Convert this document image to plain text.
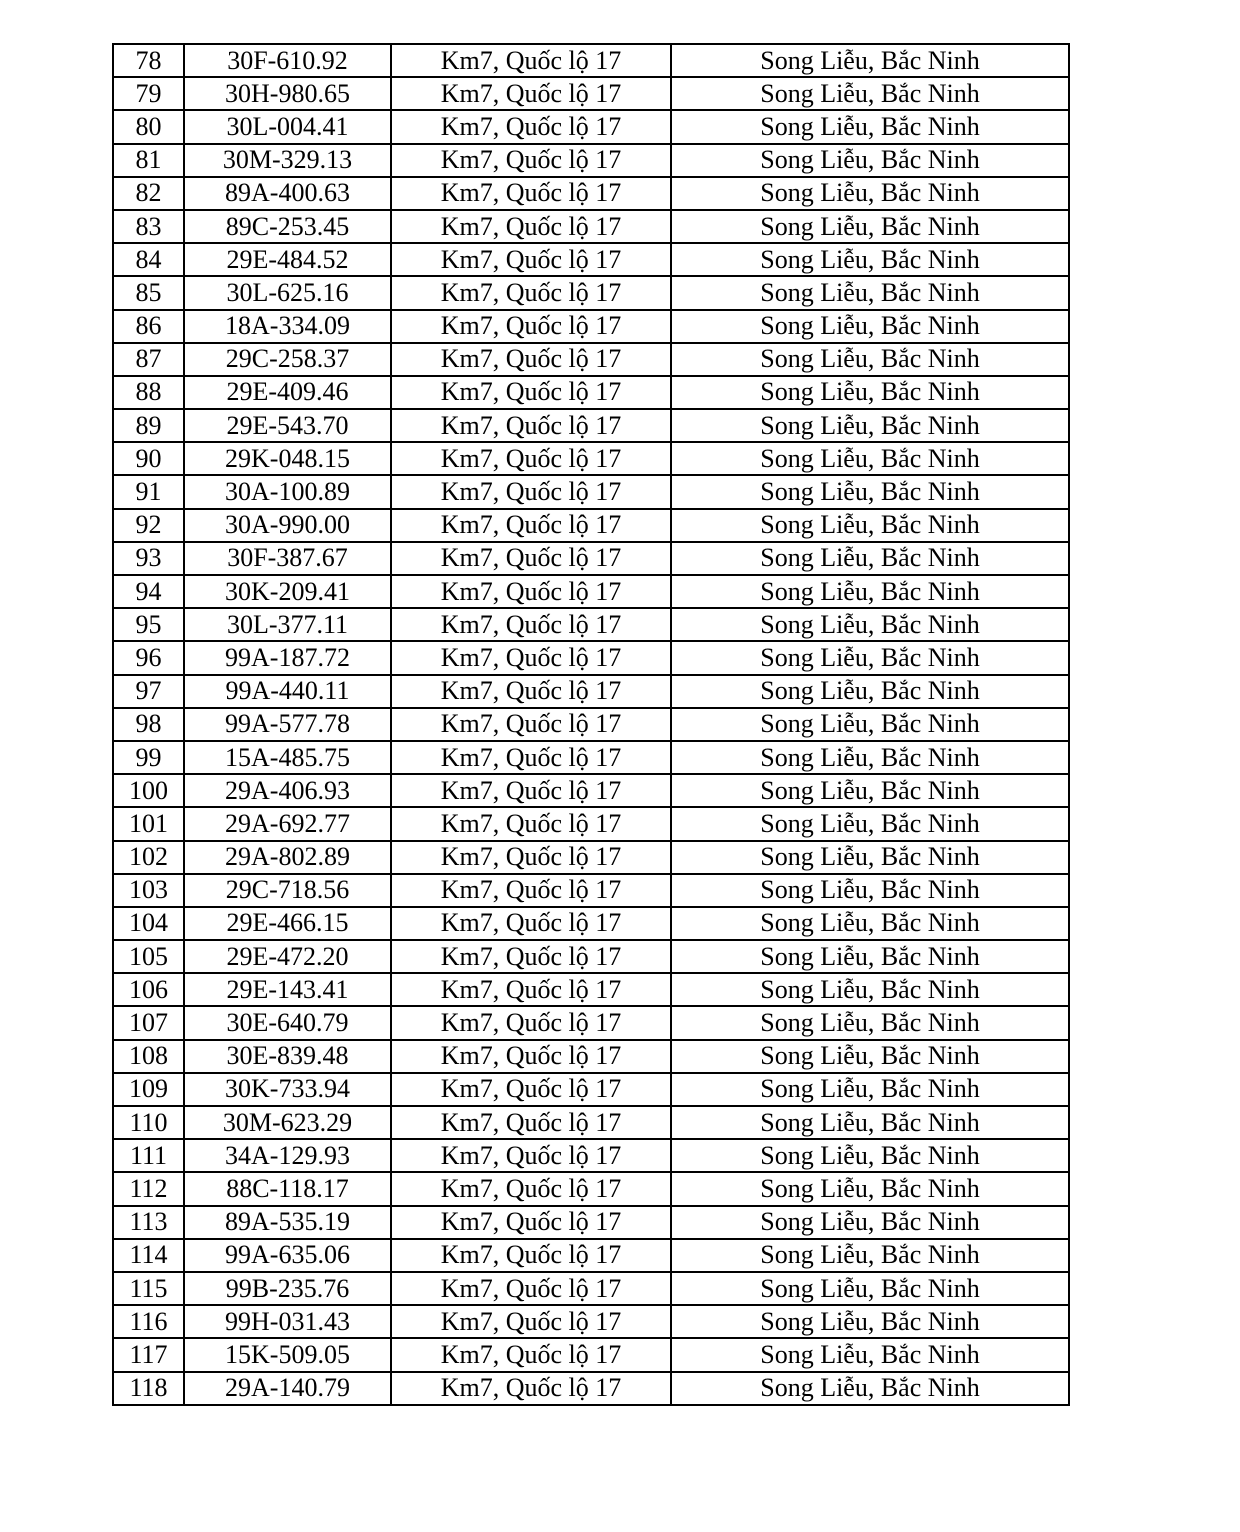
78	30F-610.92	Km7, Quốc lộ 17	Song Liễu, Bắc Ninh
79	30H-980.65	Km7, Quốc lộ 17	Song Liễu, Bắc Ninh
80	30L-004.41	Km7, Quốc lộ 17	Song Liễu, Bắc Ninh
81	30M-329.13	Km7, Quốc lộ 17	Song Liễu, Bắc Ninh
82	89A-400.63	Km7, Quốc lộ 17	Song Liễu, Bắc Ninh
83	89C-253.45	Km7, Quốc lộ 17	Song Liễu, Bắc Ninh
84	29E-484.52	Km7, Quốc lộ 17	Song Liễu, Bắc Ninh
85	30L-625.16	Km7, Quốc lộ 17	Song Liễu, Bắc Ninh
86	18A-334.09	Km7, Quốc lộ 17	Song Liễu, Bắc Ninh
87	29C-258.37	Km7, Quốc lộ 17	Song Liễu, Bắc Ninh
88	29E-409.46	Km7, Quốc lộ 17	Song Liễu, Bắc Ninh
89	29E-543.70	Km7, Quốc lộ 17	Song Liễu, Bắc Ninh
90	29K-048.15	Km7, Quốc lộ 17	Song Liễu, Bắc Ninh
91	30A-100.89	Km7, Quốc lộ 17	Song Liễu, Bắc Ninh
92	30A-990.00	Km7, Quốc lộ 17	Song Liễu, Bắc Ninh
93	30F-387.67	Km7, Quốc lộ 17	Song Liễu, Bắc Ninh
94	30K-209.41	Km7, Quốc lộ 17	Song Liễu, Bắc Ninh
95	30L-377.11	Km7, Quốc lộ 17	Song Liễu, Bắc Ninh
96	99A-187.72	Km7, Quốc lộ 17	Song Liễu, Bắc Ninh
97	99A-440.11	Km7, Quốc lộ 17	Song Liễu, Bắc Ninh
98	99A-577.78	Km7, Quốc lộ 17	Song Liễu, Bắc Ninh
99	15A-485.75	Km7, Quốc lộ 17	Song Liễu, Bắc Ninh
100	29A-406.93	Km7, Quốc lộ 17	Song Liễu, Bắc Ninh
101	29A-692.77	Km7, Quốc lộ 17	Song Liễu, Bắc Ninh
102	29A-802.89	Km7, Quốc lộ 17	Song Liễu, Bắc Ninh
103	29C-718.56	Km7, Quốc lộ 17	Song Liễu, Bắc Ninh
104	29E-466.15	Km7, Quốc lộ 17	Song Liễu, Bắc Ninh
105	29E-472.20	Km7, Quốc lộ 17	Song Liễu, Bắc Ninh
106	29E-143.41	Km7, Quốc lộ 17	Song Liễu, Bắc Ninh
107	30E-640.79	Km7, Quốc lộ 17	Song Liễu, Bắc Ninh
108	30E-839.48	Km7, Quốc lộ 17	Song Liễu, Bắc Ninh
109	30K-733.94	Km7, Quốc lộ 17	Song Liễu, Bắc Ninh
110	30M-623.29	Km7, Quốc lộ 17	Song Liễu, Bắc Ninh
111	34A-129.93	Km7, Quốc lộ 17	Song Liễu, Bắc Ninh
112	88C-118.17	Km7, Quốc lộ 17	Song Liễu, Bắc Ninh
113	89A-535.19	Km7, Quốc lộ 17	Song Liễu, Bắc Ninh
114	99A-635.06	Km7, Quốc lộ 17	Song Liễu, Bắc Ninh
115	99B-235.76	Km7, Quốc lộ 17	Song Liễu, Bắc Ninh
116	99H-031.43	Km7, Quốc lộ 17	Song Liễu, Bắc Ninh
117	15K-509.05	Km7, Quốc lộ 17	Song Liễu, Bắc Ninh
118	29A-140.79	Km7, Quốc lộ 17	Song Liễu, Bắc Ninh
